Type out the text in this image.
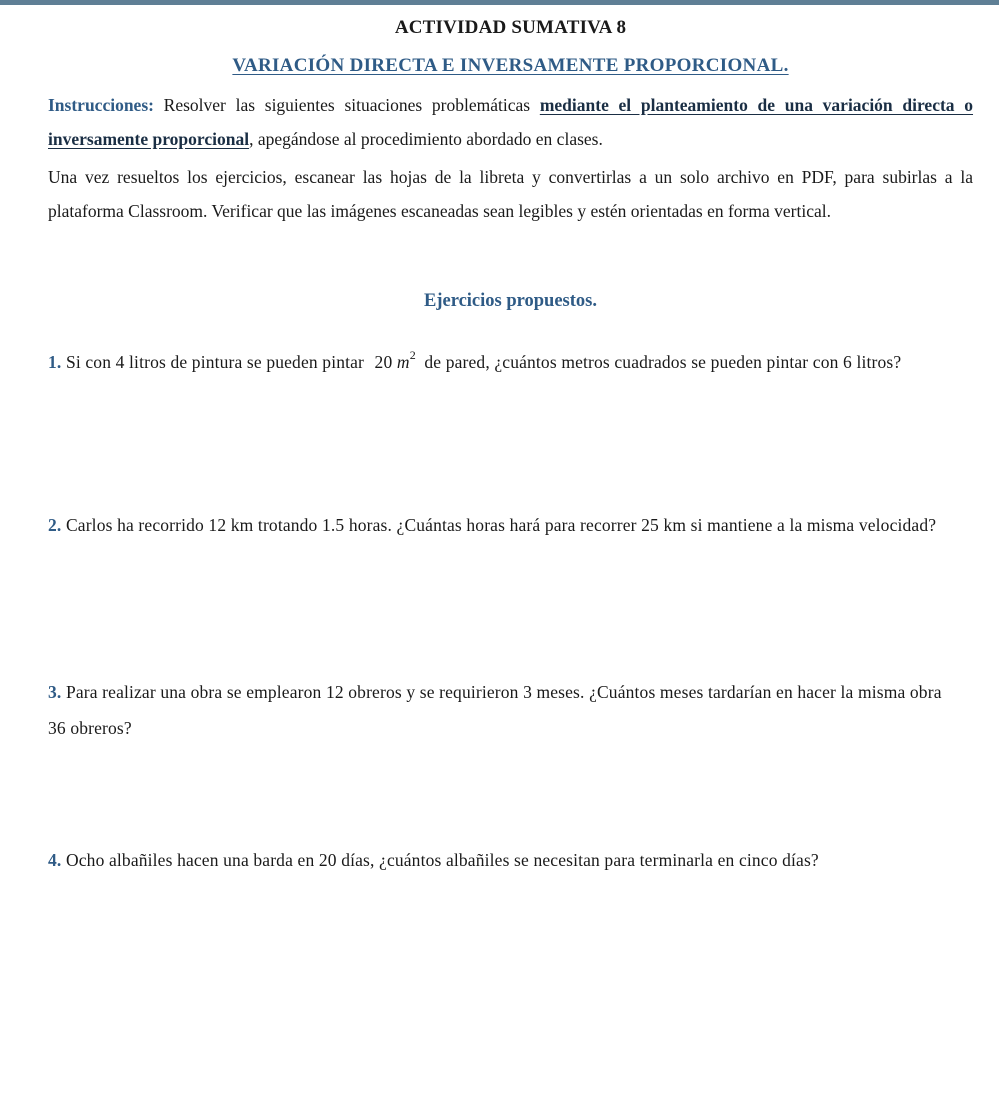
ACTIVIDAD SUMATIVA 8
VARIACIÓN DIRECTA E INVERSAMENTE PROPORCIONAL.

Instrucciones: Resolver las siguientes situaciones problemáticas mediante el planteamiento de una variación directa o inversamente proporcional, apegándose al procedimiento abordado en clases.

Una vez resueltos los ejercicios, escanear las hojas de la libreta y convertirlas a un solo archivo en PDF, para subirlas a la plataforma Classroom. Verificar que las imágenes escaneadas sean legibles y estén orientadas en forma vertical.

Ejercicios propuestos.

1. Si con 4 litros de pintura se pueden pintar 20 $m^2$ de pared, ¿cuántos metros cuadrados se pueden pintar con 6 litros?

2. Carlos ha recorrido 12 km trotando 1.5 horas. ¿Cuántas horas hará para recorrer 25 km si mantiene a la misma velocidad?

3. Para realizar una obra se emplearon 12 obreros y se requirieron 3 meses. ¿Cuántos meses tardarían en hacer la misma obra 36 obreros?

4. Ocho albañiles hacen una barda en 20 días, ¿cuántos albañiles se necesitan para terminarla en cinco días?
